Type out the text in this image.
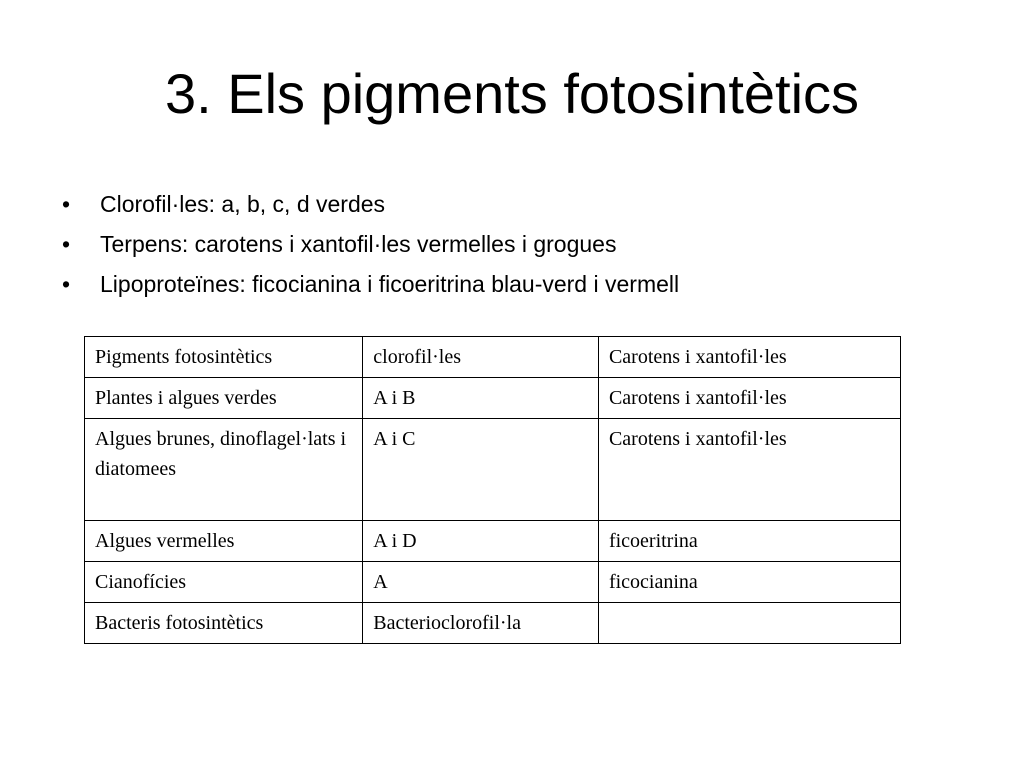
3. Els pigments fotosintètics
•	Clorofil·les: a, b, c, d verdes
•	Terpens: carotens i xantofil·les vermelles i grogues
•	Lipoproteïnes: ficocianina i ficoeritrina blau-verd i vermell
Pigments fotosintètics	clorofil·les	Carotens i xantofil·les
Plantes i algues verdes	A i B	Carotens i xantofil·les
Algues brunes, dinoflagel·lats i diatomees	A i C	Carotens i xantofil·les
Algues vermelles	A i D	ficoeritrina
Cianofícies	A	ficocianina
Bacteris fotosintètics	Bacterioclorofil·la	
